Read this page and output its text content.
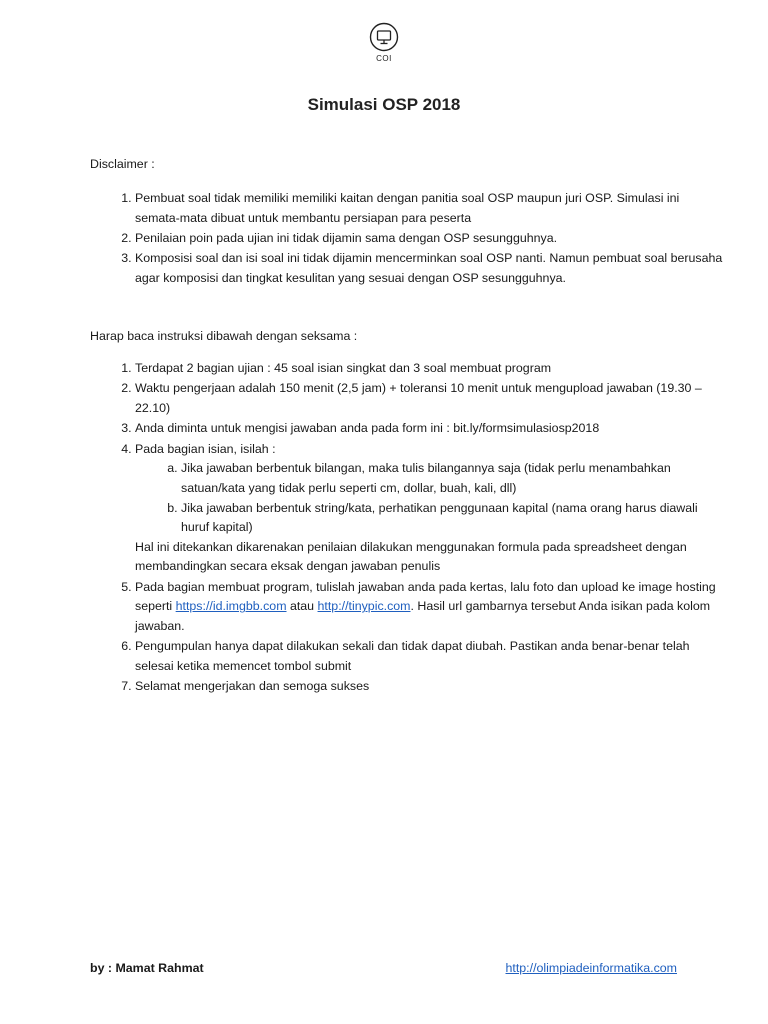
COI
Simulasi OSP 2018
Disclaimer :
1. Pembuat soal tidak memiliki memiliki kaitan dengan panitia soal OSP maupun juri OSP. Simulasi ini semata-mata dibuat untuk membantu persiapan para peserta
2. Penilaian poin pada ujian ini tidak dijamin sama dengan OSP sesungguhnya.
3. Komposisi soal dan isi soal ini tidak dijamin mencerminkan soal OSP nanti. Namun pembuat soal berusaha agar komposisi dan tingkat kesulitan yang sesuai dengan OSP sesungguhnya.
Harap baca instruksi dibawah dengan seksama :
1. Terdapat 2 bagian ujian : 45 soal isian singkat dan 3 soal membuat program
2. Waktu pengerjaan adalah 150 menit (2,5 jam) + toleransi 10 menit untuk mengupload jawaban (19.30 – 22.10)
3. Anda diminta untuk mengisi jawaban anda pada form ini : bit.ly/formsimulasiosp2018
4. Pada bagian isian, isilah :
a. Jika jawaban berbentuk bilangan, maka tulis bilangannya saja (tidak perlu menambahkan satuan/kata yang tidak perlu seperti cm, dollar, buah, kali, dll)
b. Jika jawaban berbentuk string/kata, perhatikan penggunaan kapital (nama orang harus diawali huruf kapital)
Hal ini ditekankan dikarenakan penilaian dilakukan menggunakan formula pada spreadsheet dengan membandingkan secara eksak dengan jawaban penulis
5. Pada bagian membuat program, tulislah jawaban anda pada kertas, lalu foto dan upload ke image hosting seperti https://id.imgbb.com atau http://tinypic.com. Hasil url gambarnya tersebut Anda isikan pada kolom jawaban.
6. Pengumpulan hanya dapat dilakukan sekali dan tidak dapat diubah. Pastikan anda benar-benar telah selesai ketika memencet tombol submit
7. Selamat mengerjakan dan semoga sukses
by : Mamat Rahmat	http://olimpiadeinformatika.com
